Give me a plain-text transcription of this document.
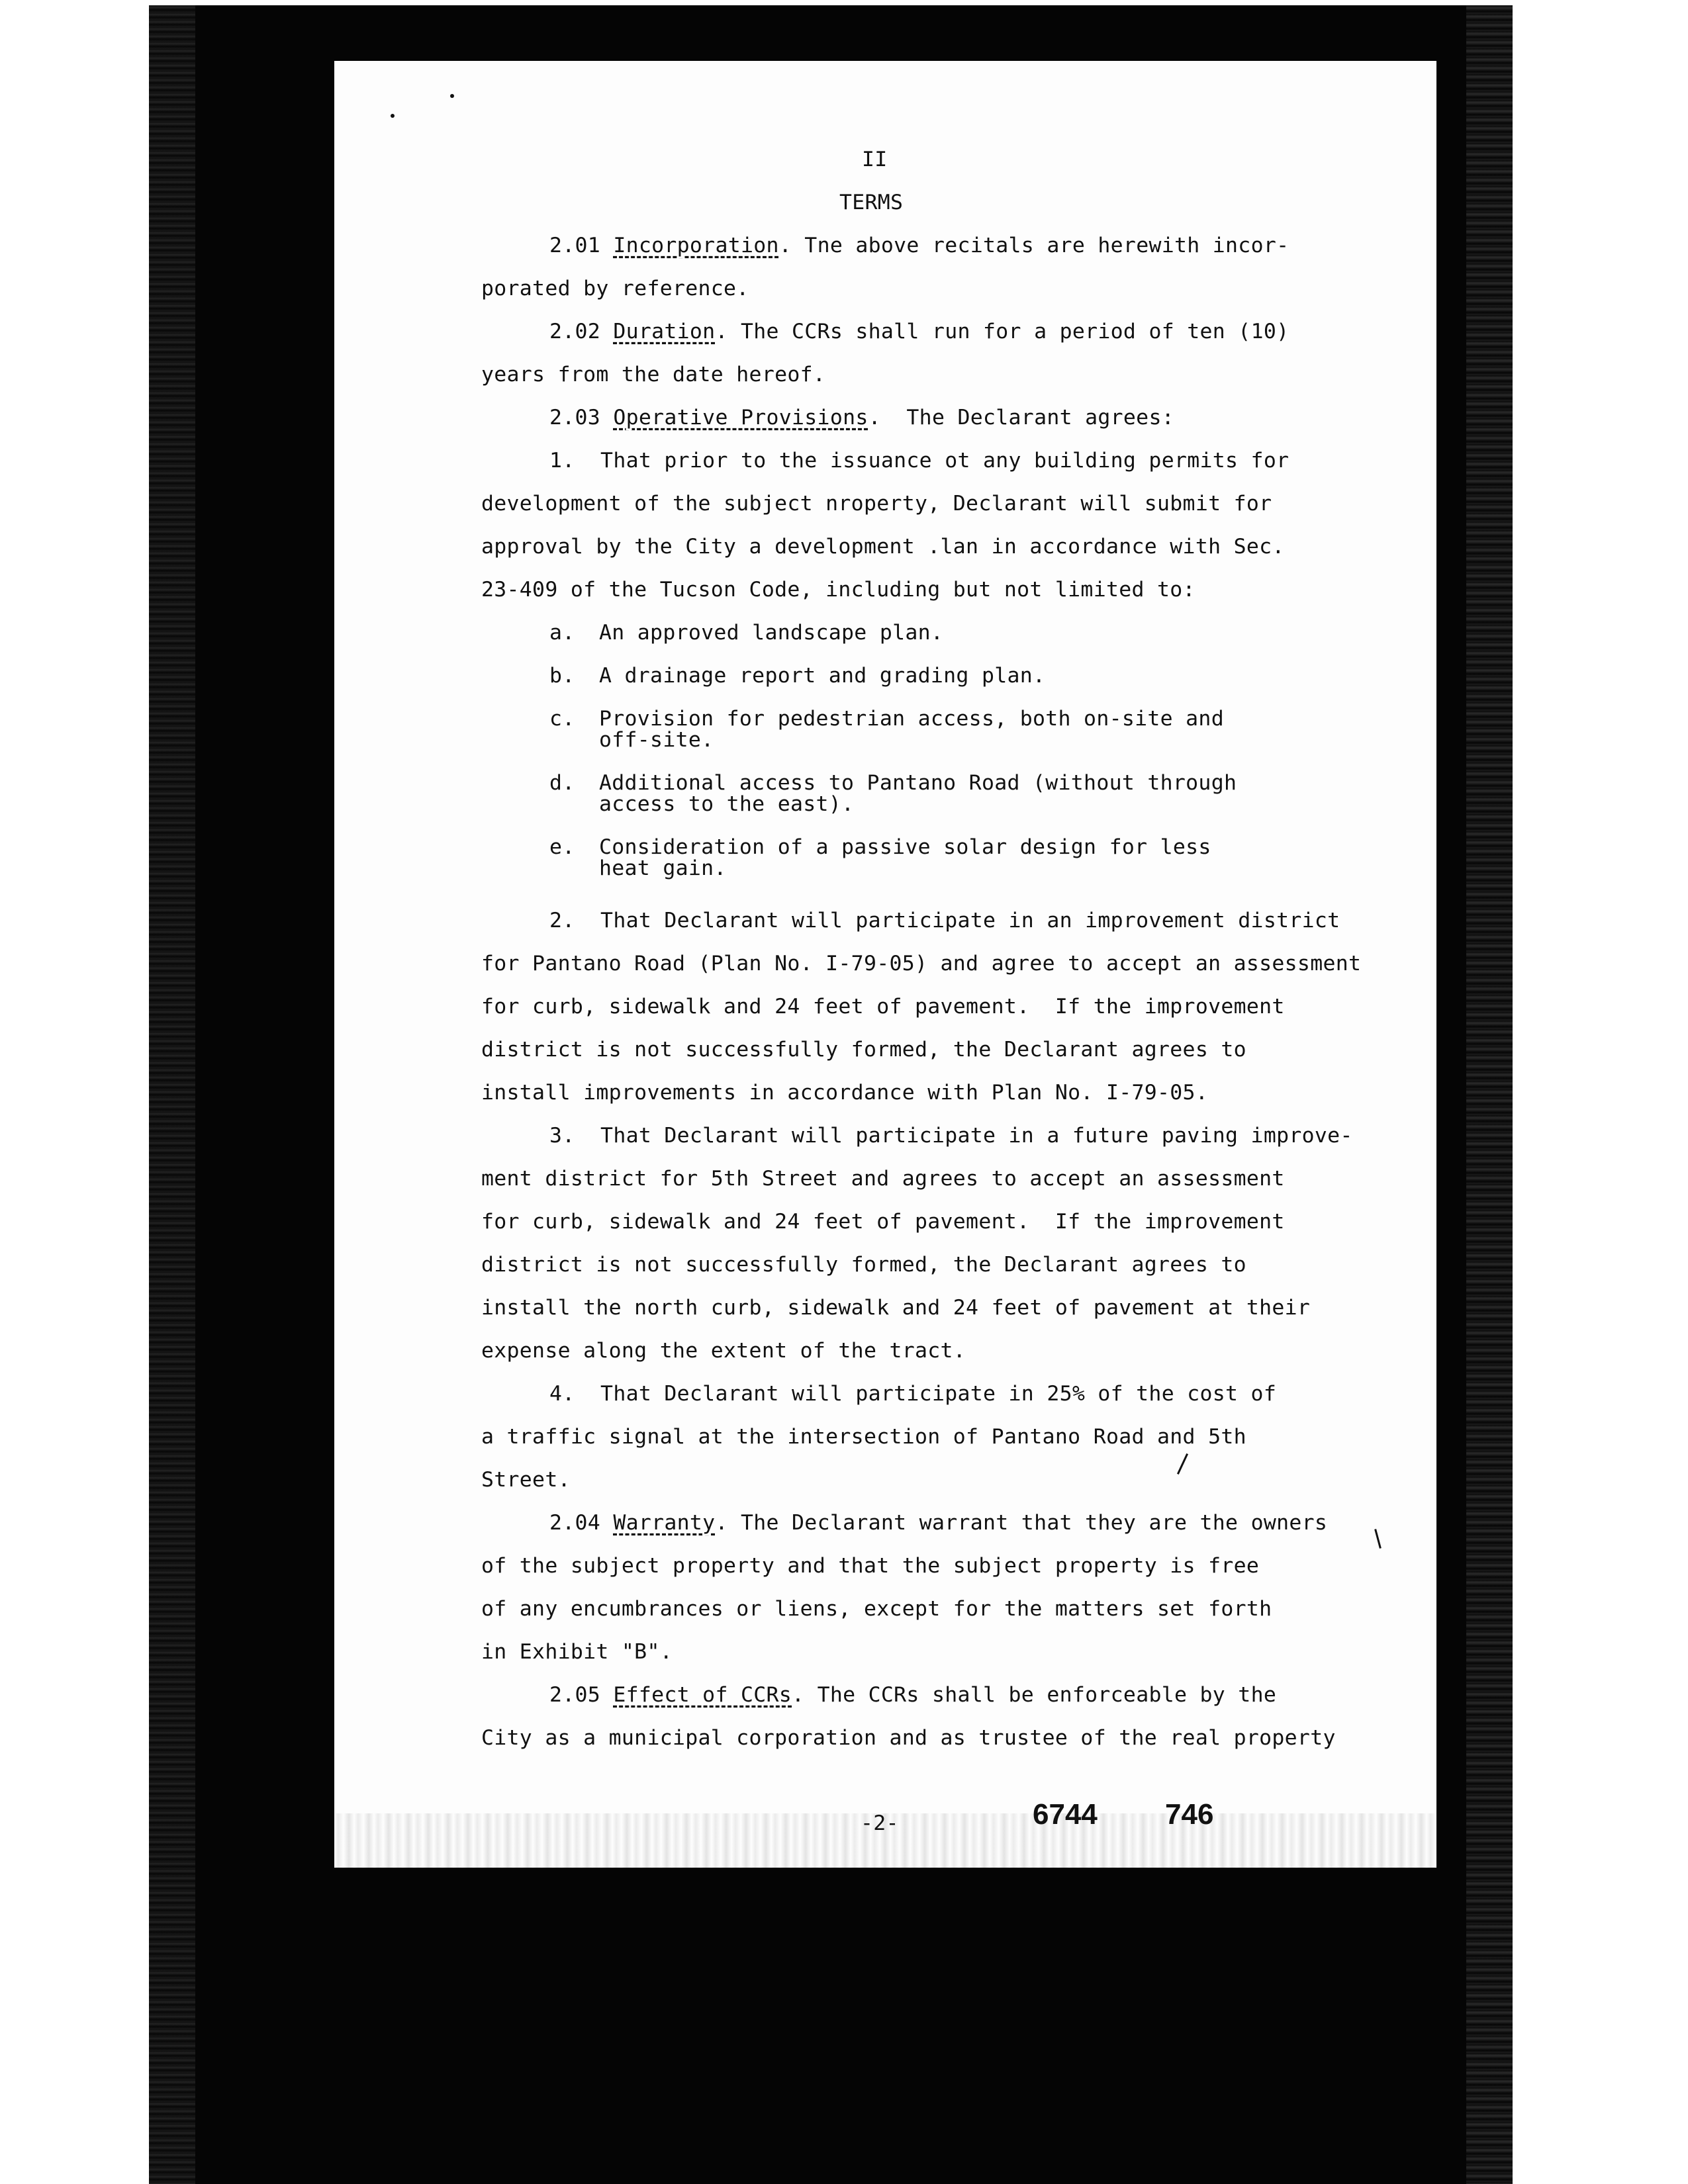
II

TERMS

2.01 Incorporation. Tne above recitals are herewith incor-

porated by reference.

2.02 Duration. The CCRs shall run for a period of ten (10)

years from the date hereof.

2.03 Operative Provisions.  The Declarant agrees:

1.  That prior to the issuance ot any building permits for

development of the subject nroperty, Declarant will submit for

approval by the City a development .lan in accordance with Sec.

23-409 of the Tucson Code, including but not limited to:

a. An approved landscape plan.

b. A drainage report and grading plan.

c. Provision for pedestrian access, both on-site and

off-site.

d. Additional access to Pantano Road (without through

access to the east).

e. Consideration of a passive solar design for less

heat gain.

2.  That Declarant will participate in an improvement district

for Pantano Road (Plan No. I-79-05) and agree to accept an assessment

for curb, sidewalk and 24 feet of pavement.  If the improvement

district is not successfully formed, the Declarant agrees to

install improvements in accordance with Plan No. I-79-05.

3.  That Declarant will participate in a future paving improve-

ment district for 5th Street and agrees to accept an assessment

for curb, sidewalk and 24 feet of pavement.  If the improvement

district is not successfully formed, the Declarant agrees to

install the north curb, sidewalk and 24 feet of pavement at their

expense along the extent of the tract.

4.  That Declarant will participate in 25% of the cost of

a traffic signal at the intersection of Pantano Road and 5th

Street.

2.04 Warranty. The Declarant warrant that they are the owners

of the subject property and that the subject property is free

of any encumbrances or liens, except for the matters set forth

in Exhibit "B".

2.05 Effect of CCRs. The CCRs shall be enforceable by the

City as a municipal corporation and as trustee of the real property

-2-	6744 746
